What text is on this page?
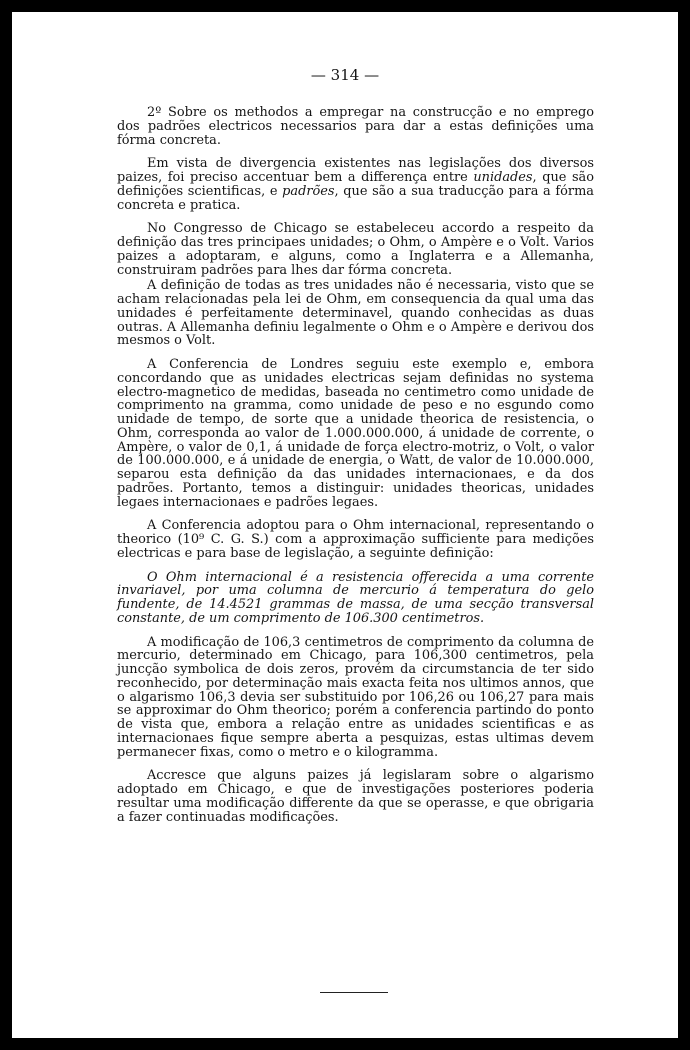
— 314 —

2º Sobre os methodos a empregar na construcção e no emprego dos padrões electricos necessarios para dar a estas definições uma fórma concreta.

Em vista de divergencia existentes nas legislações dos diversos paizes, foi preciso accentuar bem a differença entre unidades, que são definições scientificas, e padrões, que são a sua traducção para a fórma concreta e pratica.

No Congresso de Chicago se estabeleceu accordo a respeito da definição das tres principaes unidades; o Ohm, o Ampère e o Volt. Varios paizes a adoptaram, e alguns, como a Inglaterra e a Allemanha, construiram padrões para lhes dar fórma concreta.

A definição de todas as tres unidades não é necessaria, visto que se acham relacionadas pela lei de Ohm, em consequencia da qual uma das unidades é perfeitamente determinavel, quando conhecidas as duas outras. A Allemanha definiu legalmente o Ohm e o Ampère e derivou dos mesmos o Volt.

A Conferencia de Londres seguiu este exemplo e, embora concordando que as unidades electricas sejam definidas no systema electro-magnetico de medidas, baseada no centimetro como unidade de comprimento na gramma, como unidade de peso e no esgundo como unidade de tempo, de sorte que a unidade theorica de resistencia, o Ohm, corresponda ao valor de 1.000.000.000, á unidade de corrente, o Ampère, o valor de 0,1, á unidade de força electro-motriz, o Volt, o valor de 100.000.000, e á unidade de energia, o Watt, de valor de 10.000.000, separou esta definição da das unidades internacionaes, e da dos padrões. Portanto, temos a distinguir: unidades theoricas, unidades legaes internacionaes e padrões legaes.

A Conferencia adoptou para o Ohm internacional, representando o theorico (10⁹ C. G. S.) com a approximação sufficiente para medições electricas e para base de legislação, a seguinte definição:

O Ohm internacional é a resistencia offerecida a uma corrente invariavel, por uma columna de mercurio á temperatura do gelo fundente, de 14.4521 grammas de massa, de uma secção transversal constante, de um comprimento de 106.300 centimetros.

A modificação de 106,3 centimetros de comprimento da columna de mercurio, determinado em Chicago, para 106,300 centimetros, pela juncção symbolica de dois zeros, provém da circumstancia de ter sido reconhecido, por determinação mais exacta feita nos ultimos annos, que o algarismo 106,3 devia ser substituido por 106,26 ou 106,27 para mais se approximar do Ohm theorico; porém a conferencia partindo do ponto de vista que, embora a relação entre as unidades scientificas e as internacionaes fique sempre aberta a pesquizas, estas ultimas devem permanecer fixas, como o metro e o kilogramma.

Accresce que alguns paizes já legislaram sobre o algarismo adoptado em Chicago, e que de investigações posteriores poderia resultar uma modificação differente da que se operasse, e que obrigaria a fazer continuadas modificações.
